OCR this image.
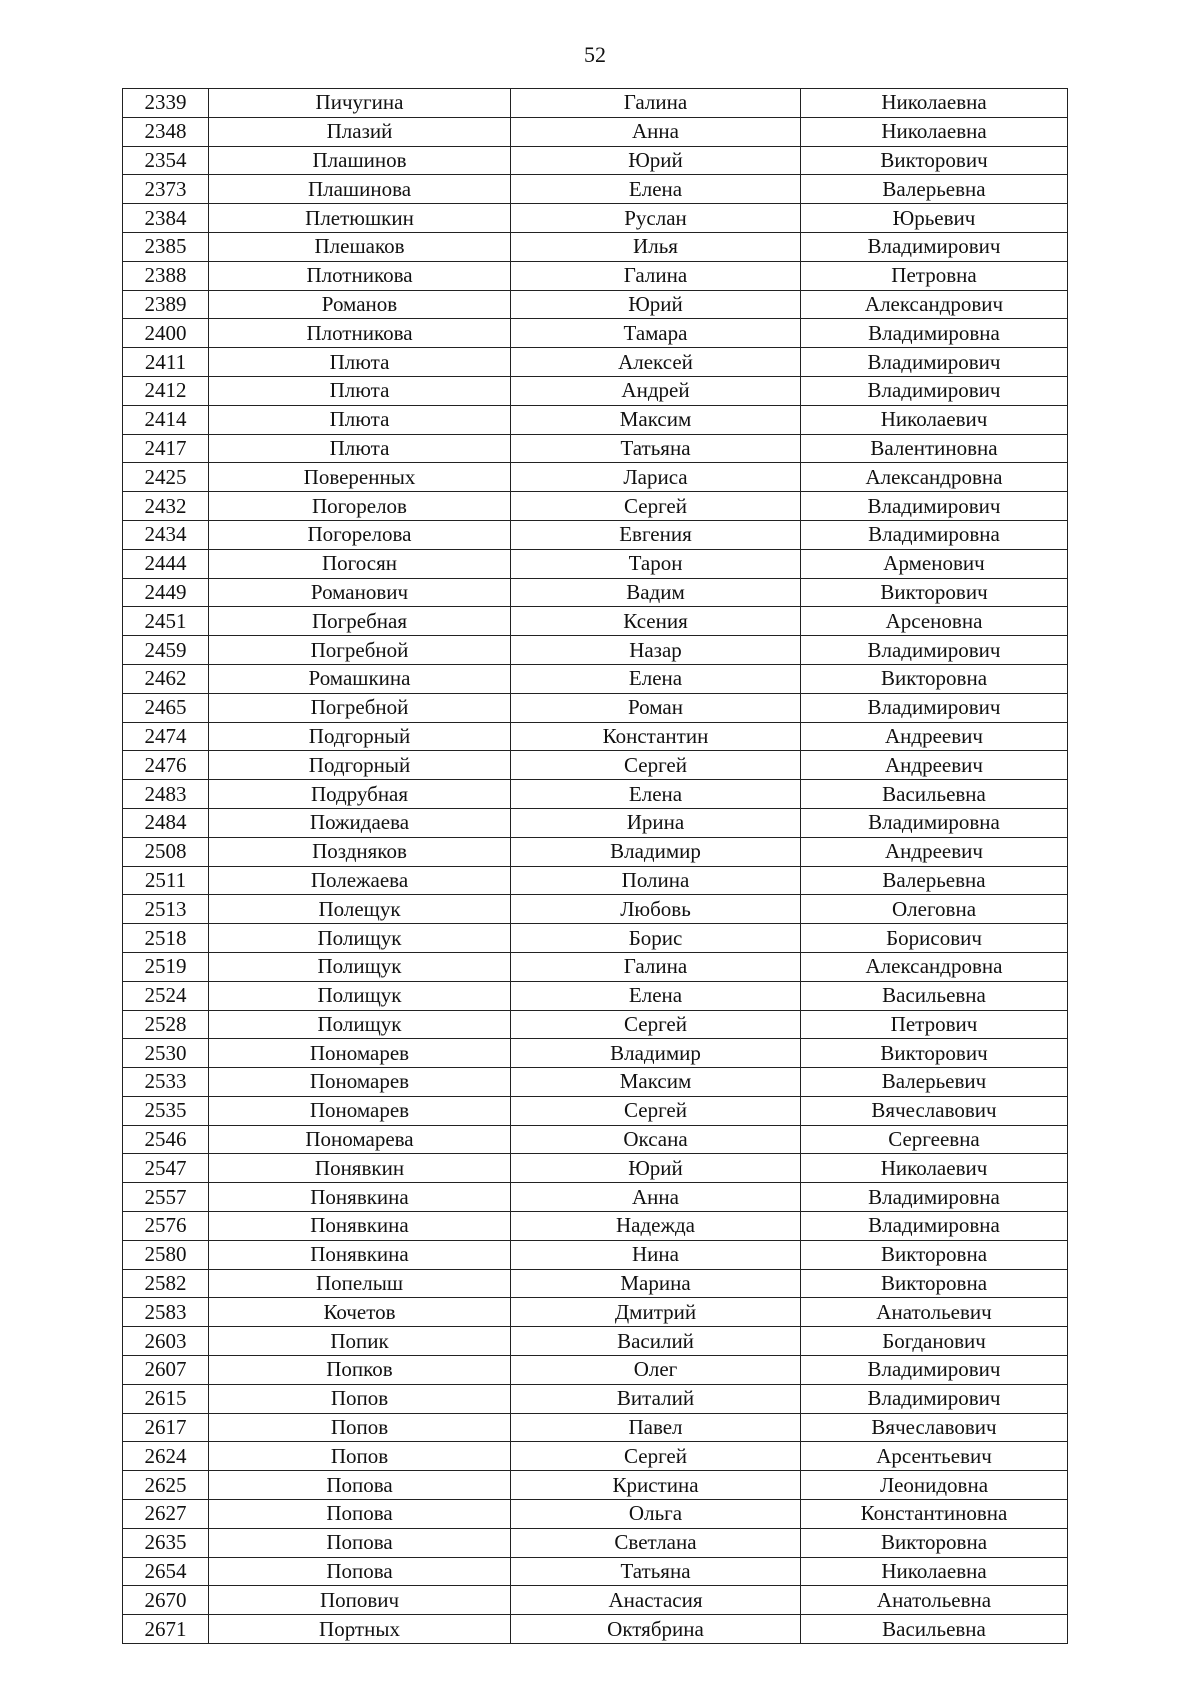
52
2339	Пичугина	Галина	Николаевна
2348	Плазий	Анна	Николаевна
2354	Плашинов	Юрий	Викторович
2373	Плашинова	Елена	Валерьевна
2384	Плетюшкин	Руслан	Юрьевич
2385	Плешаков	Илья	Владимирович
2388	Плотникова	Галина	Петровна
2389	Романов	Юрий	Александрович
2400	Плотникова	Тамара	Владимировна
2411	Плюта	Алексей	Владимирович
2412	Плюта	Андрей	Владимирович
2414	Плюта	Максим	Николаевич
2417	Плюта	Татьяна	Валентиновна
2425	Поверенных	Лариса	Александровна
2432	Погорелов	Сергей	Владимирович
2434	Погорелова	Евгения	Владимировна
2444	Погосян	Тарон	Арменович
2449	Романович	Вадим	Викторович
2451	Погребная	Ксения	Арсеновна
2459	Погребной	Назар	Владимирович
2462	Ромашкина	Елена	Викторовна
2465	Погребной	Роман	Владимирович
2474	Подгорный	Константин	Андреевич
2476	Подгорный	Сергей	Андреевич
2483	Подрубная	Елена	Васильевна
2484	Пожидаева	Ирина	Владимировна
2508	Поздняков	Владимир	Андреевич
2511	Полежаева	Полина	Валерьевна
2513	Полещук	Любовь	Олеговна
2518	Полищук	Борис	Борисович
2519	Полищук	Галина	Александровна
2524	Полищук	Елена	Васильевна
2528	Полищук	Сергей	Петрович
2530	Пономарев	Владимир	Викторович
2533	Пономарев	Максим	Валерьевич
2535	Пономарев	Сергей	Вячеславович
2546	Пономарева	Оксана	Сергеевна
2547	Понявкин	Юрий	Николаевич
2557	Понявкина	Анна	Владимировна
2576	Понявкина	Надежда	Владимировна
2580	Понявкина	Нина	Викторовна
2582	Попелыш	Марина	Викторовна
2583	Кочетов	Дмитрий	Анатольевич
2603	Попик	Василий	Богданович
2607	Попков	Олег	Владимирович
2615	Попов	Виталий	Владимирович
2617	Попов	Павел	Вячеславович
2624	Попов	Сергей	Арсентьевич
2625	Попова	Кристина	Леонидовна
2627	Попова	Ольга	Константиновна
2635	Попова	Светлана	Викторовна
2654	Попова	Татьяна	Николаевна
2670	Попович	Анастасия	Анатольевна
2671	Портных	Октябрина	Васильевна
